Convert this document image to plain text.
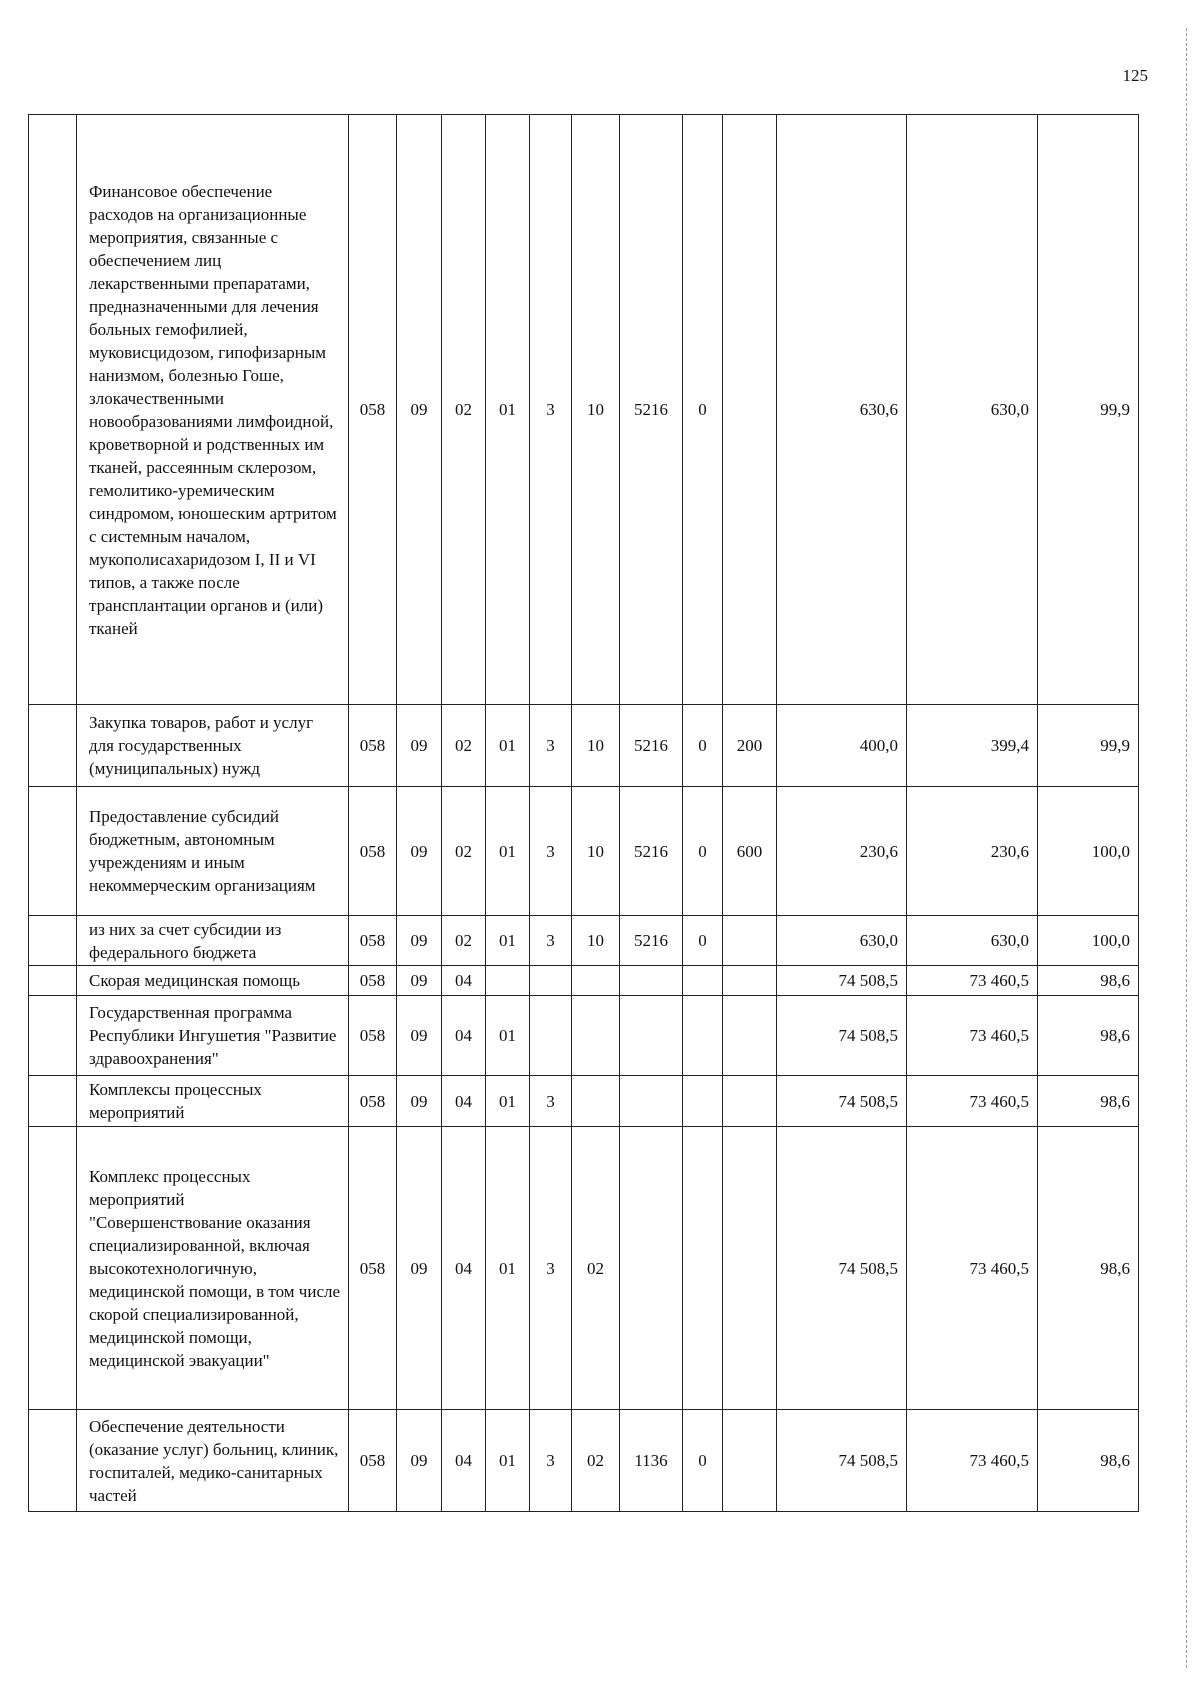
125
	Финансовое обеспечение расходов на организационные мероприятия, связанные с обеспечением лиц лекарственными препаратами, предназначенными для лечения больных гемофилией, муковисцидозом, гипофизарным нанизмом, болезнью Гоше, злокачественными новообразованиями лимфоидной, кроветворной и родственных им тканей, рассеянным склерозом, гемолитико-уремическим синдромом, юношеским артритом с системным началом, мукополисахаридозом I, II и VI типов, а также после трансплантации органов и (или) тканей	058	09	02	01	3	10	5216	0		630,6	630,0	99,9
	Закупка товаров, работ и услуг для государственных (муниципальных) нужд	058	09	02	01	3	10	5216	0	200	400,0	399,4	99,9
	Предоставление субсидий бюджетным, автономным учреждениям и иным некоммерческим организациям	058	09	02	01	3	10	5216	0	600	230,6	230,6	100,0
	из них за счет субсидии из федерального бюджета	058	09	02	01	3	10	5216	0		630,0	630,0	100,0
	Скорая медицинская помощь	058	09	04							74 508,5	73 460,5	98,6
	Государственная программа Республики Ингушетия "Развитие здравоохранения"	058	09	04	01						74 508,5	73 460,5	98,6
	Комплексы процессных мероприятий	058	09	04	01	3					74 508,5	73 460,5	98,6
	Комплекс процессных мероприятий "Совершенствование оказания специализированной, включая высокотехнологичную, медицинской помощи, в том числе скорой специализированной, медицинской помощи, медицинской эвакуации"	058	09	04	01	3	02				74 508,5	73 460,5	98,6
	Обеспечение деятельности (оказание услуг) больниц, клиник, госпиталей, медико-санитарных частей	058	09	04	01	3	02	1136	0		74 508,5	73 460,5	98,6
